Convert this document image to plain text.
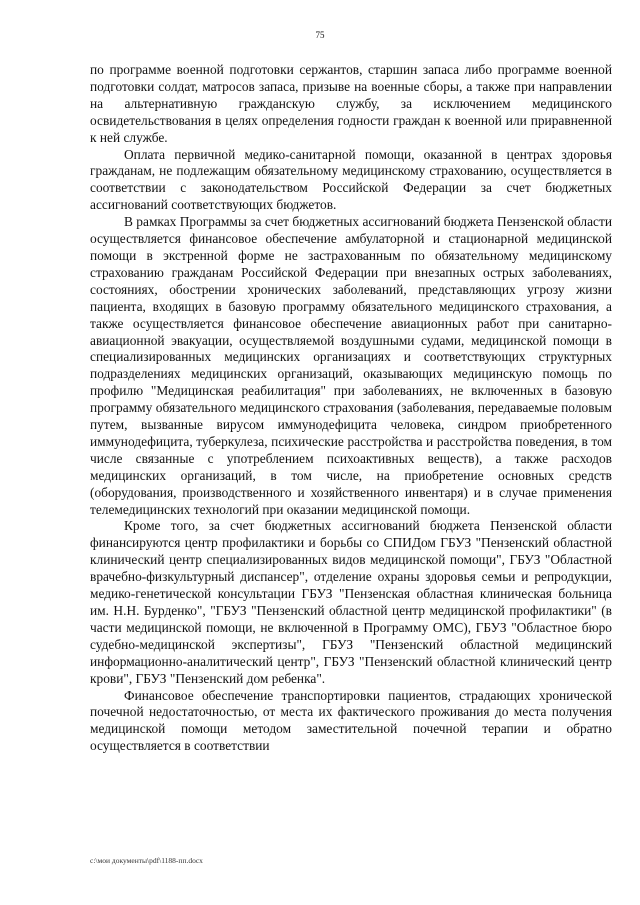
75

по программе военной подготовки сержантов, старшин запаса либо программе военной подготовки солдат, матросов запаса, призыве на военные сборы, а также при направлении на альтернативную гражданскую службу, за исключением медицинского освидетельствования в целях определения годности граждан к военной или приравненной к ней службе.

Оплата первичной медико-санитарной помощи, оказанной в центрах здоровья гражданам, не подлежащим обязательному медицинскому страхованию, осуществляется в соответствии с законодательством Российской Федерации за счет бюджетных ассигнований соответствующих бюджетов.

В рамках Программы за счет бюджетных ассигнований бюджета Пензенской области осуществляется финансовое обеспечение амбулаторной и стационарной медицинской помощи в экстренной форме не застрахованным по обязательному медицинскому страхованию гражданам Российской Федерации при внезапных острых заболеваниях, состояниях, обострении хронических заболеваний, представляющих угрозу жизни пациента, входящих в базовую программу обязательного медицинского страхования, а также осуществляется финансовое обеспечение авиационных работ при санитарно-авиационной эвакуации, осуществляемой воздушными судами, медицинской помощи в специализированных медицинских организациях и соответствующих структурных подразделениях медицинских организаций, оказывающих медицинскую помощь по профилю "Медицинская реабилитация" при заболеваниях, не включенных в базовую программу обязательного медицинского страхования (заболевания, передаваемые половым путем, вызванные вирусом иммунодефицита человека, синдром приобретенного иммунодефицита, туберкулеза, психические расстройства и расстройства поведения, в том числе связанные с употреблением психоактивных веществ), а также расходов медицинских организаций, в том числе, на приобретение основных средств (оборудования, производственного и хозяйственного инвентаря) и в случае применения телемедицинских технологий при оказании медицинской помощи.

Кроме того, за счет бюджетных ассигнований бюджета Пензенской области финансируются центр профилактики и борьбы со СПИДом ГБУЗ "Пензенский областной клинический центр специализированных видов медицинской помощи", ГБУЗ "Областной врачебно-физкультурный диспансер", отделение охраны здоровья семьи и репродукции, медико-генетической консультации ГБУЗ "Пензенская областная клиническая больница им. Н.Н. Бурденко", "ГБУЗ "Пензенский областной центр медицинской профилактики" (в части медицинской помощи, не включенной в Программу ОМС), ГБУЗ "Областное бюро судебно-медицинской экспертизы", ГБУЗ "Пензенский областной медицинский информационно-аналитический центр", ГБУЗ "Пензенский областной клинический центр крови", ГБУЗ "Пензенский дом ребенка".

Финансовое обеспечение транспортировки пациентов, страдающих хронической почечной недостаточностью, от места их фактического проживания до места получения медицинской помощи методом заместительной почечной терапии и обратно осуществляется в соответствии

c:\мои документы\pdf\1188-пп.docx
